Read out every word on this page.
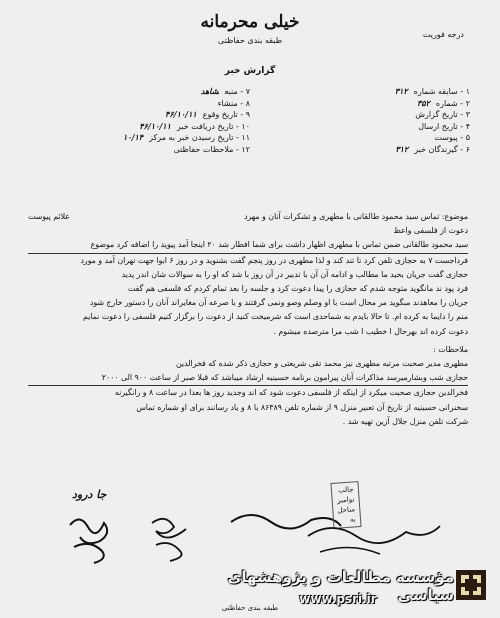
خیلی محرمانه
طبقه بندی حفاظتی
درجه فوریت
گزارش خبر
۱ - سابقه شماره۳۱۲
۲ - شماره۳۵۲
۳ - تاریخ گزارش
۴ - تاریخ ارسال
۵ - پیوست
۶ - گیرندگان خبر۳۱۲
۷ - منبعشاهد
۸ - منشاء
۹ - تاریخ وقوع۴۶/۱۰/۱۱
۱۰ - تاریخ دریافت خبر۴۶/۱۰/۱۱
۱۱ - تاریخ رسیدن خبر به مرکز۱۰/۱۴
۱۲ - ملاحظات حفاظتی
موضوع: تماس سید محمود طالقانی با مطهری و تشکرات آنان و مهرد
علائم پیوست
دعوت از فلسفی واعظ
سید محمود طالقانی ضمن تماس با مطهری اظهار داشت برای شما افطار شد ۲۰ اینجا آمد پیوید را اضافه کرد موضوع
فرداجست ۷ به حجازی تلفن کرد تا تند کند و لذا مطهری در روز پنجم گفت بشنوید و در روز ۶ ابوا جهت تهران آمد و مورد
حجازی گفت جریان بحید ما مطالب و ادامه آن آن با تدبیر در آن روز با شد که او را به سوالات شان اندر پدید
فرد پود ند مانگوید متوجه شدم که حجازی را پیدا دعوت کرد و جلسه را بعد تمام کردم که فلسفی هم گفت
جریان را معاهدند مبگوید مر محال است با او وصلم وصو ونمی گرفتند و با صرعه آن مغایراند آنان را دستور خارج شود
منم را دایما به کرده ام. تا حالا بایدم به شماحدی است که شرمیخت کنید از دعوت را برگزار کنیم فلسفی را دعوت نمایم
دعوت کرده اند بهرحال ا خطیب ا شب مرا مترصده میشوم .
ملاحظات :
مطهری مدیر صحبت مرتبه مطهری نیز محمد تقی شریعتی و حجازی ذکر شده که فخرالدین
حجازی شب وبشارمیرسد مذاکرات آنان پیرامون برنامه حسینیه ارشاد میباشد که قبلا صبر از ساعت ۹۰۰ الی ۲۰۰۰
فخرالدین حجازی صحبت میکرد از اینکه از فلسفی دعوت شود که اند وجدید روز ها بعدا در ساعت ۸ و رانگیرنه
سخنرانی حسینیه از تاریخ آن تعبیر منزل ۹ از شماره تلفن ۸۶۳۸۹ با ۸ و یاد رسانند برای او شماره تماس
شرکت تلفن منزل جلال آزین تهیه شد .
جا درود	جالب
نوامبر
ساحل
به
مؤسسه مطالعات و پژوهشهای سیاسی
www.psri.ir
طبقه بندی حفاظتی
